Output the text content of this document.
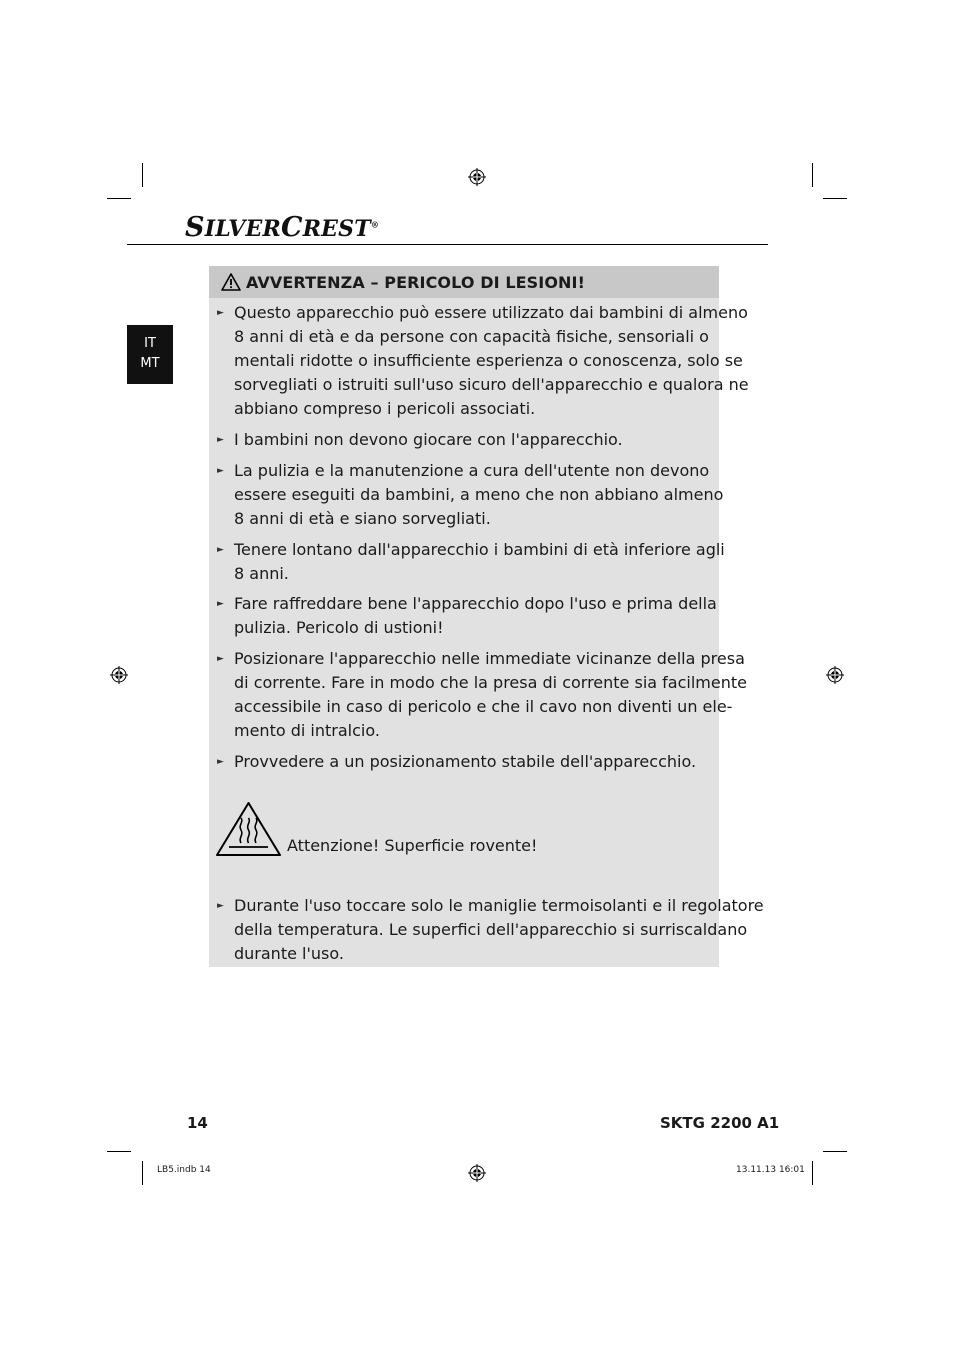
SILVERCREST®
IT
MT
AVVERTENZA – PERICOLO DI LESIONI!
► Questo apparecchio può essere utilizzato dai bambini di almeno
8 anni di età e da persone con capacità fisiche, sensoriali o
mentali ridotte o insufficiente esperienza o conoscenza, solo se
sorvegliati o istruiti sull'uso sicuro dell'apparecchio e qualora ne
abbiano compreso i pericoli associati.
► I bambini non devono giocare con l'apparecchio.
► La pulizia e la manutenzione a cura dell'utente non devono
essere eseguiti da bambini, a meno che non abbiano almeno
8 anni di età e siano sorvegliati.
► Tenere lontano dall'apparecchio i bambini di età inferiore agli
8 anni.
► Fare raffreddare bene l'apparecchio dopo l'uso e prima della
pulizia. Pericolo di ustioni!
► Posizionare l'apparecchio nelle immediate vicinanze della presa
di corrente. Fare in modo che la presa di corrente sia facilmente
accessibile in caso di pericolo e che il cavo non diventi un ele-
mento di intralcio.
► Provvedere a un posizionamento stabile dell'apparecchio.
Attenzione! Superficie rovente!
► Durante l'uso toccare solo le maniglie termoisolanti e il regolatore
della temperatura. Le superfici dell'apparecchio si surriscaldano
durante l'uso.
14	SKTG 2200 A1
LB5.indb 14	13.11.13 16:01
